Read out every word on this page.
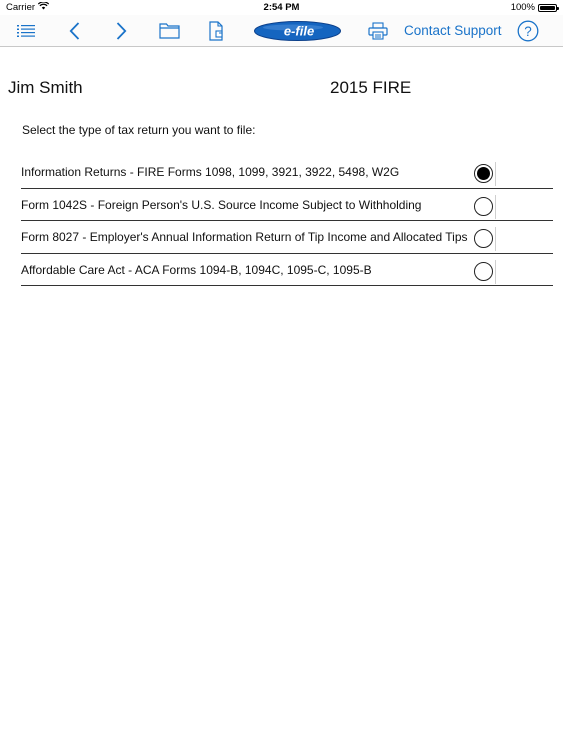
Carrier	2:54 PM	100%
e-file	Contact Support ?
Jim Smith	2015 FIRE
Select the type of tax return you want to file:
Information Returns - FIRE Forms 1098, 1099, 3921, 3922, 5498, W2G
Form 1042S - Foreign Person's U.S. Source Income Subject to Withholding
Form 8027 - Employer's Annual Information Return of Tip Income and Allocated Tips
Affordable Care Act - ACA Forms 1094-B, 1094C, 1095-C, 1095-B
